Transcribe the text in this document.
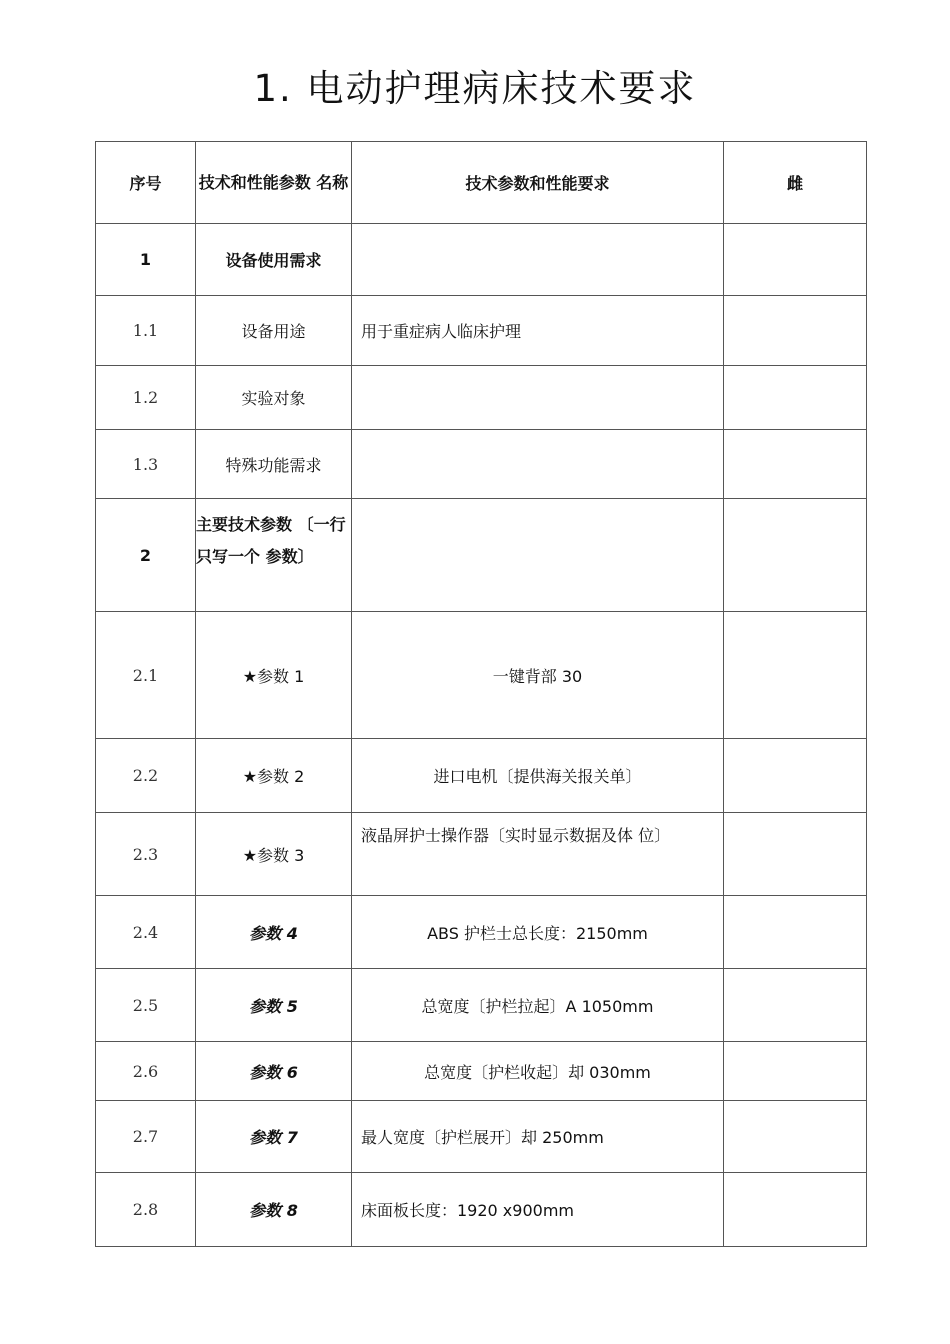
1. 电动护理病床技术要求
序号	技术和性能参数 名称	技术参数和性能要求	雌
1	设备使用需求		
1.1	设备用途	用于重症病人临床护理	
1.2	实验对象		
1.3	特殊功能需求		
2	主要技术参数 〔一行只写一个 参数〕		
2.1	★参数 1	一键背部 30	
2.2	★参数 2	进口电机〔提供海关报关单〕	
2.3	★参数 3	液晶屏护士操作器〔实时显示数据及体 位〕	
2.4	参数 4	ABS 护栏士总长度：2150mm	
2.5	参数 5	总宽度〔护栏拉起〕A 1050mm	
2.6	参数 6	总宽度〔护栏收起〕却 030mm	
2.7	参数 7	最人宽度〔护栏展开〕却 250mm	
2.8	参数 8	床面板长度：1920 x900mm	
